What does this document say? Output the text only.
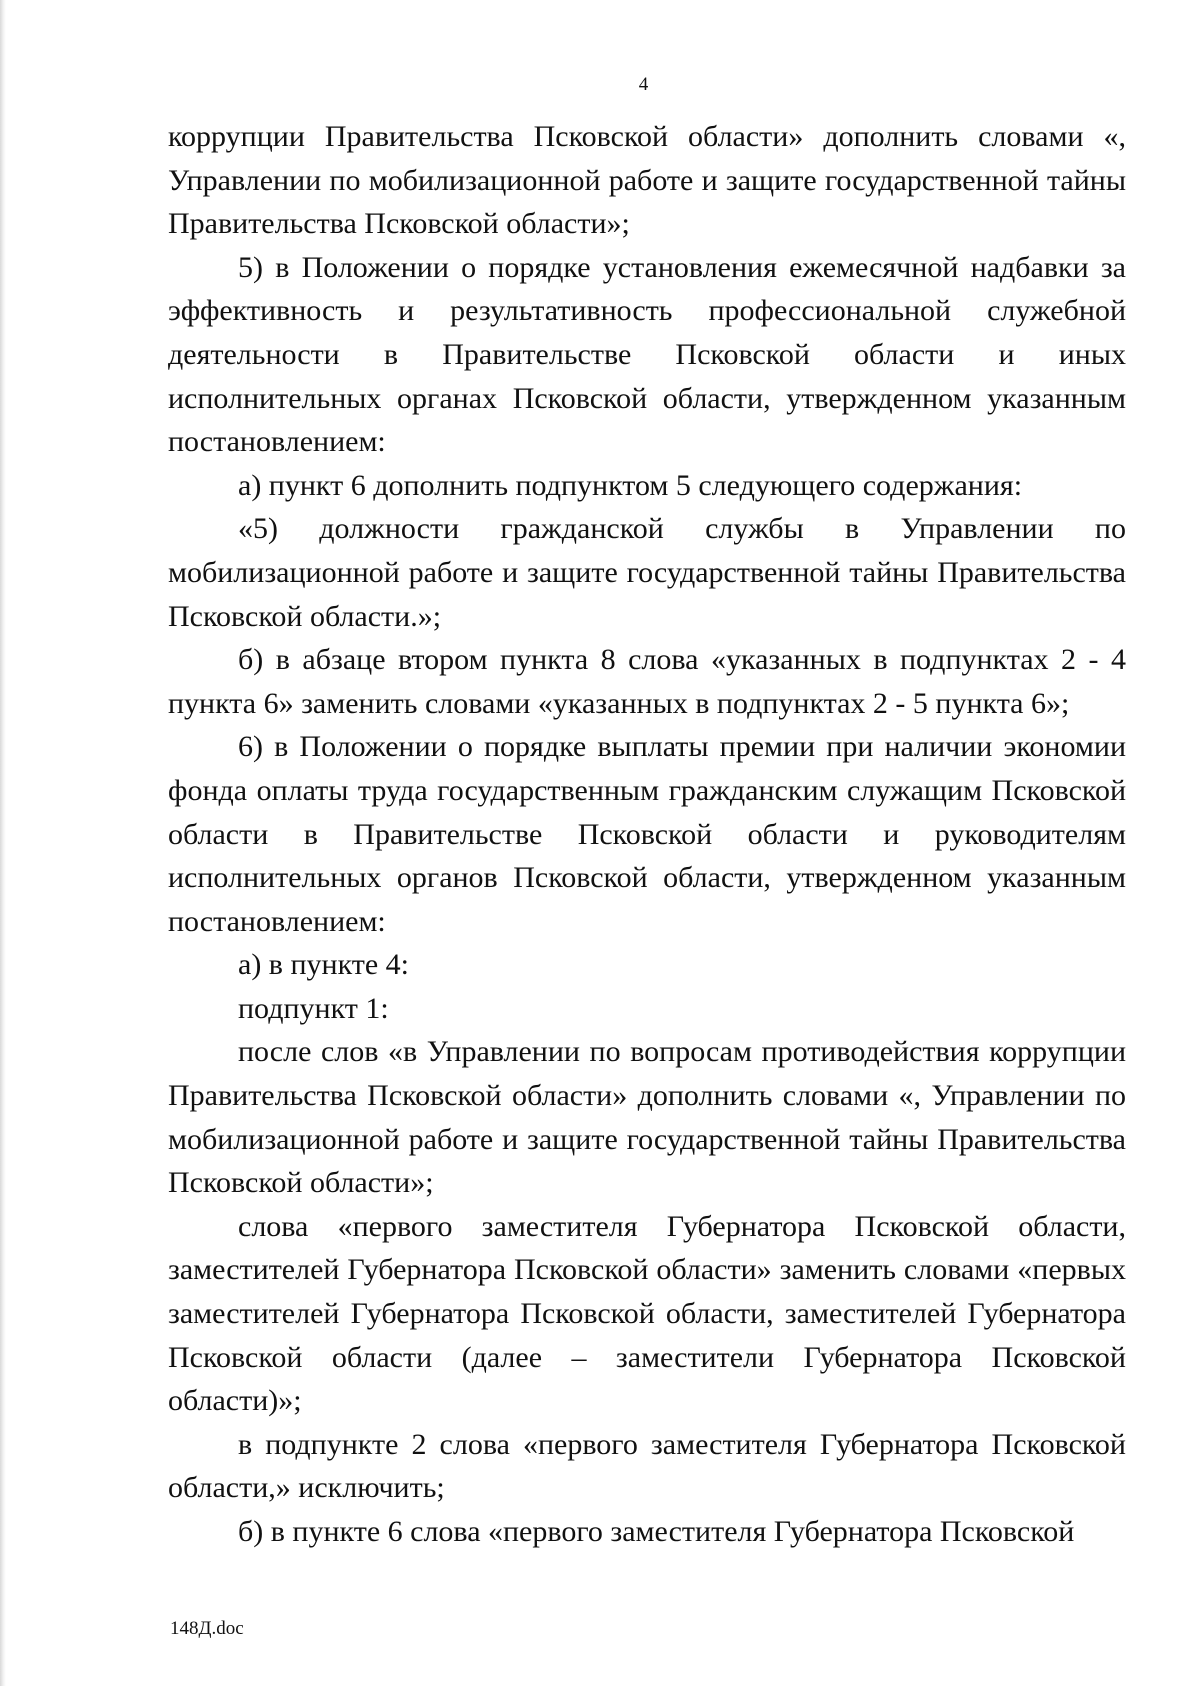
4

коррупции Правительства Псковской области» дополнить словами «, Управлении по мобилизационной работе и защите государственной тайны Правительства Псковской области»;

5) в Положении о порядке установления ежемесячной надбавки за эффективность и результативность профессиональной служебной деятельности в Правительстве Псковской области и иных исполнительных органах Псковской области, утвержденном указанным постановлением:

а) пункт 6 дополнить подпунктом 5 следующего содержания:

«5) должности гражданской службы в Управлении по мобилизационной работе и защите государственной тайны Правительства Псковской области.»;

б) в абзаце втором пункта 8 слова «указанных в подпунктах 2 - 4 пункта 6» заменить словами «указанных в подпунктах 2 - 5 пункта 6»;

6) в Положении о порядке выплаты премии при наличии экономии фонда оплаты труда государственным гражданским служащим Псковской области в Правительстве Псковской области и руководителям исполнительных органов Псковской области, утвержденном указанным постановлением:

а) в пункте 4:

подпункт 1:

после слов «в Управлении по вопросам противодействия коррупции Правительства Псковской области» дополнить словами «, Управлении по мобилизационной работе и защите государственной тайны Правительства Псковской области»;

слова «первого заместителя Губернатора Псковской области, заместителей Губернатора Псковской области» заменить словами «первых заместителей Губернатора Псковской области, заместителей Губернатора Псковской области (далее – заместители Губернатора Псковской области)»;

в подпункте 2 слова «первого заместителя Губернатора Псковской области,» исключить;

б) в пункте 6 слова «первого заместителя Губернатора Псковской

148Д.doc
